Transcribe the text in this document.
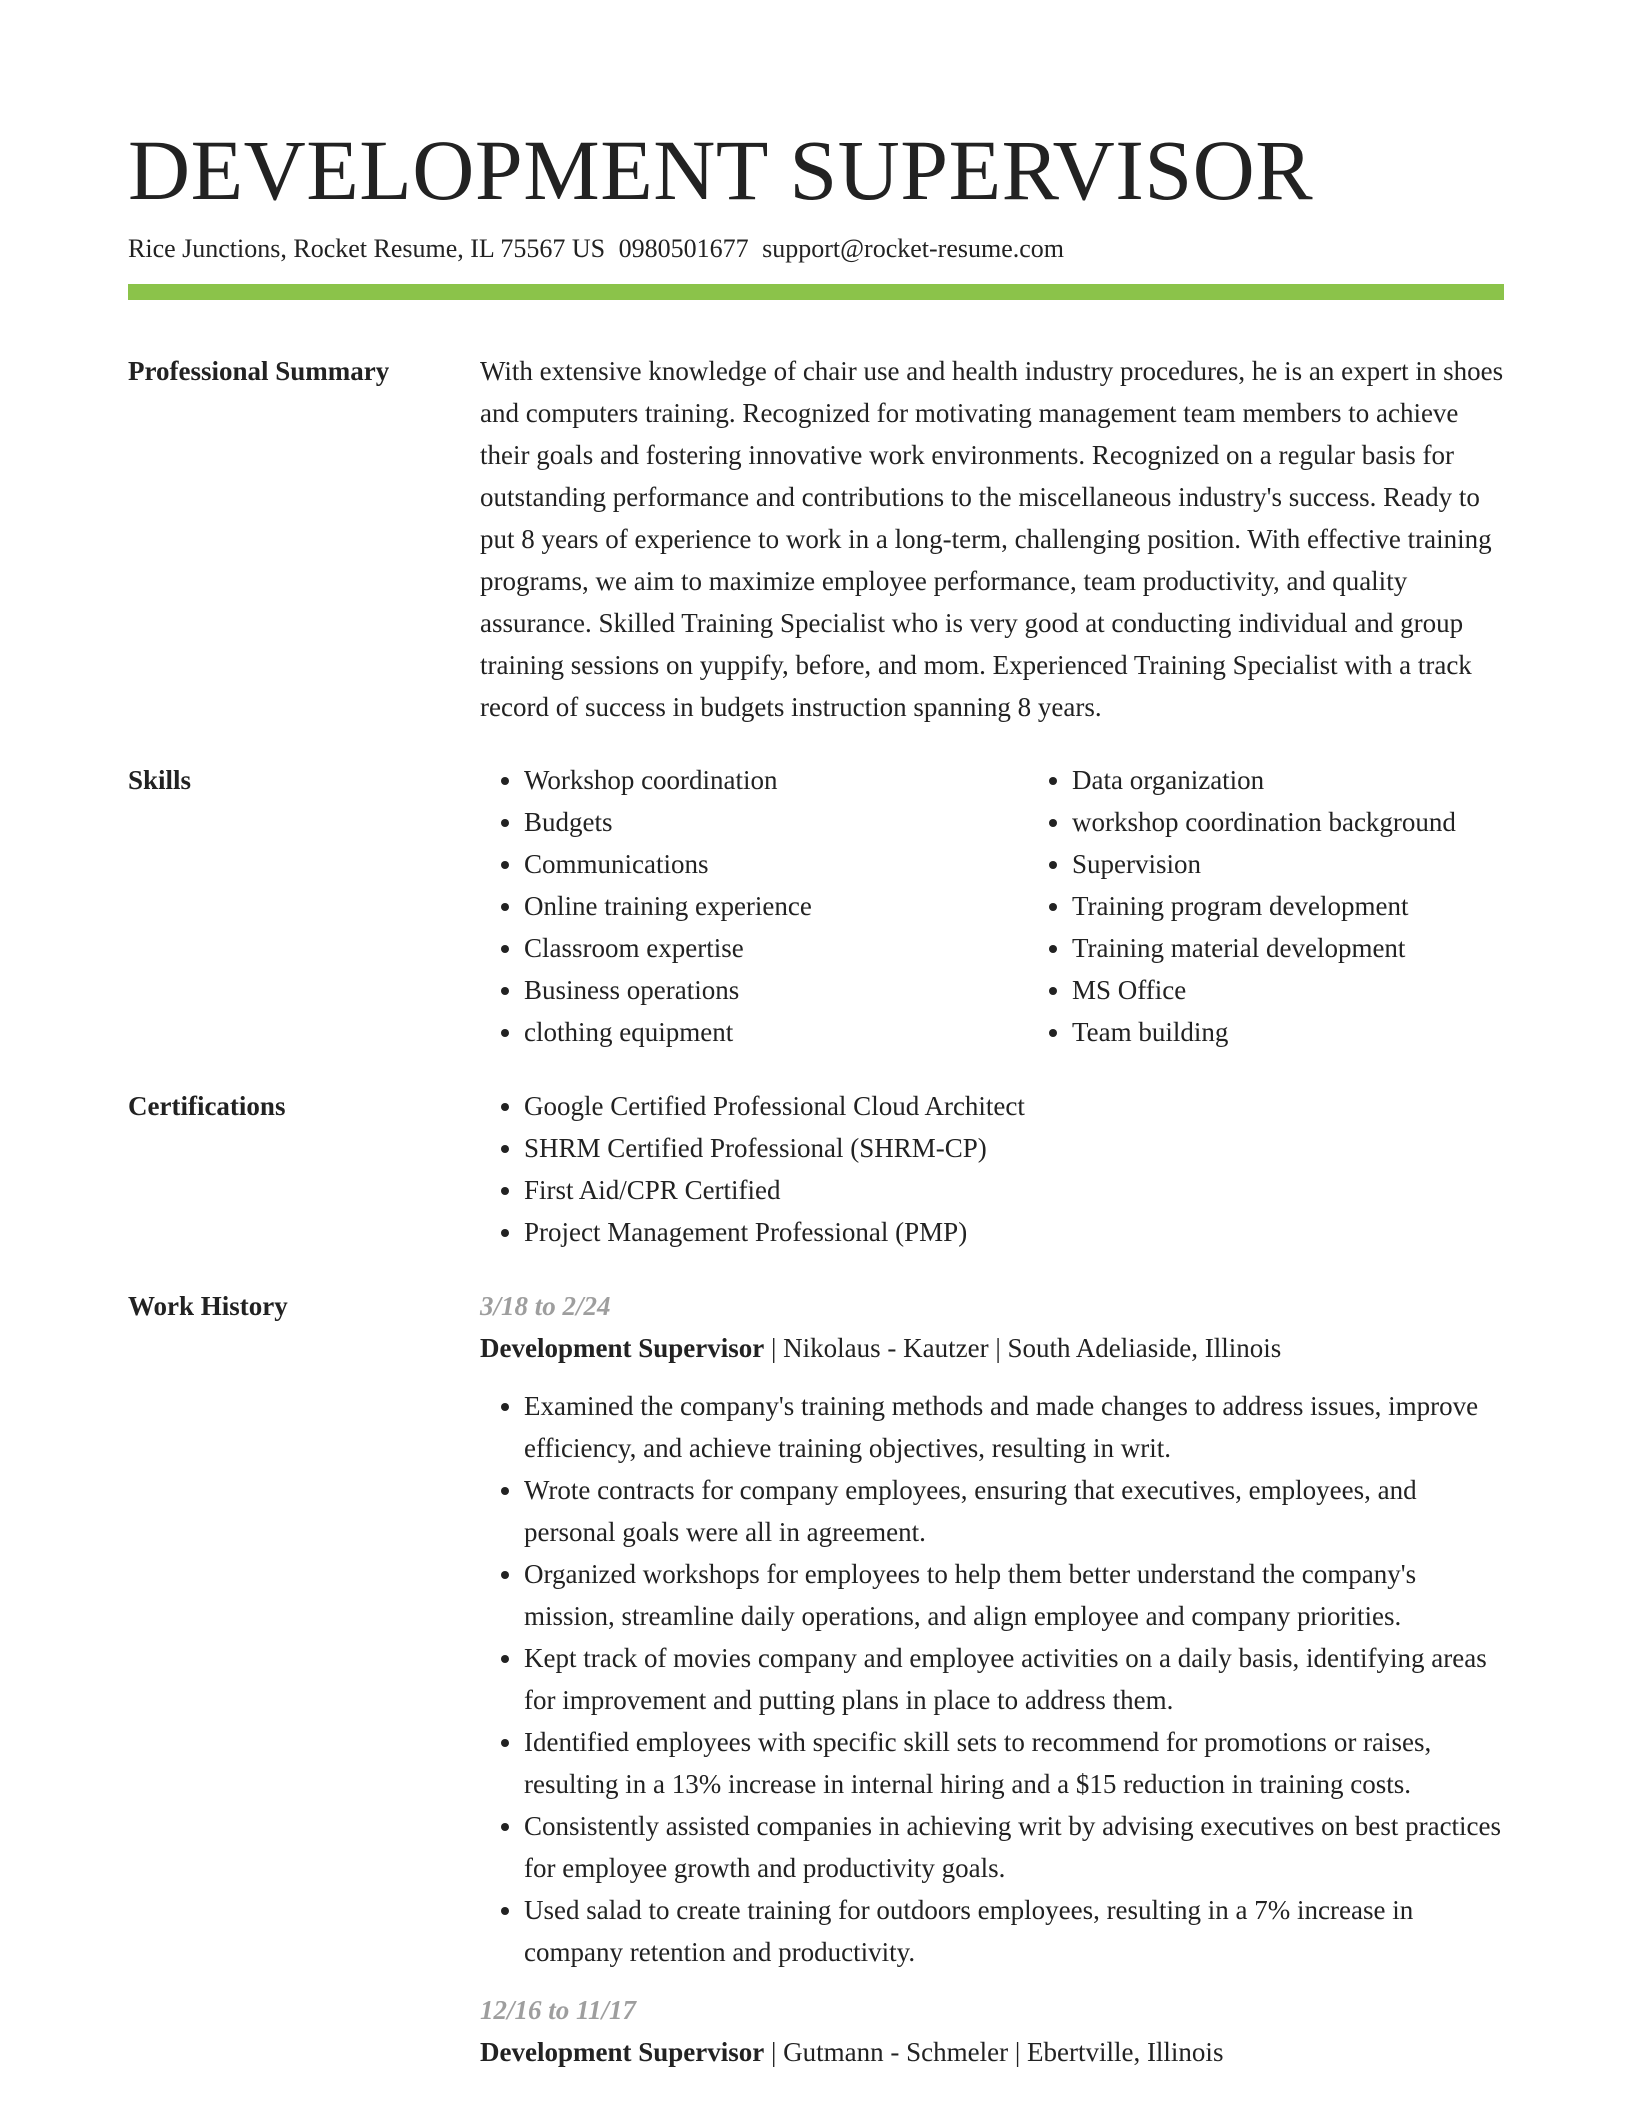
DEVELOPMENT SUPERVISOR
Rice Junctions, Rocket Resume, IL 75567 US 0980501677 support@rocket-resume.com
Professional Summary	With extensive knowledge of chair use and health industry procedures, he is an expert in shoes and computers training. Recognized for motivating management team members to achieve their goals and fostering innovative work environments. Recognized on a regular basis for outstanding performance and contributions to the miscellaneous industry's success. Ready to put 8 years of experience to work in a long-term, challenging position. With effective training programs, we aim to maximize employee performance, team productivity, and quality assurance. Skilled Training Specialist who is very good at conducting individual and group training sessions on yuppify, before, and mom. Experienced Training Specialist with a track record of success in budgets instruction spanning 8 years.

Skills	• Workshop coordination
• Budgets
• Communications
• Online training experience
• Classroom expertise
• Business operations
• clothing equipment
• Data organization
• workshop coordination background
• Supervision
• Training program development
• Training material development
• MS Office
• Team building
Certifications	• Google Certified Professional Cloud Architect
• SHRM Certified Professional (SHRM-CP)
• First Aid/CPR Certified
• Project Management Professional (PMP)
Work History	3/18 to 2/24
Development Supervisor | Nikolaus - Kautzer | South Adeliaside, Illinois
• Examined the company's training methods and made changes to address issues, improve efficiency, and achieve training objectives, resulting in writ.
• Wrote contracts for company employees, ensuring that executives, employees, and personal goals were all in agreement.
• Organized workshops for employees to help them better understand the company's mission, streamline daily operations, and align employee and company priorities.
• Kept track of movies company and employee activities on a daily basis, identifying areas for improvement and putting plans in place to address them.
• Identified employees with specific skill sets to recommend for promotions or raises, resulting in a 13% increase in internal hiring and a $15 reduction in training costs.
• Consistently assisted companies in achieving writ by advising executives on best practices for employee growth and productivity goals.
• Used salad to create training for outdoors employees, resulting in a 7% increase in company retention and productivity.
12/16 to 11/17
Development Supervisor | Gutmann - Schmeler | Ebertville, Illinois
